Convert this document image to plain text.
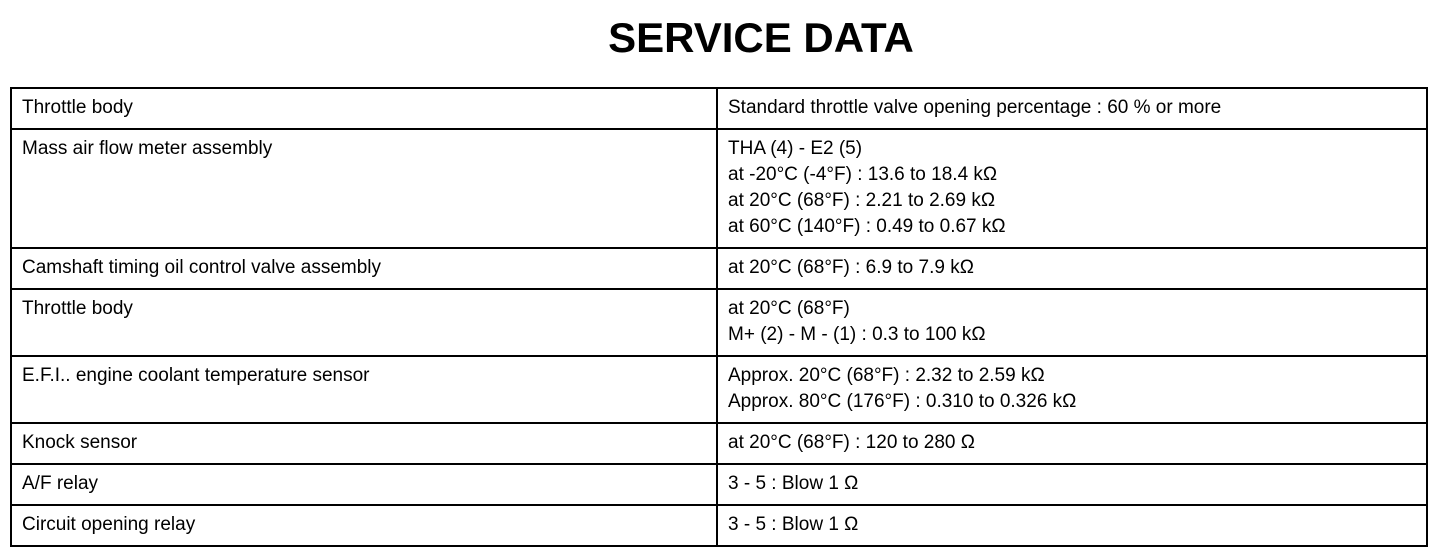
SERVICE DATA
Throttle body	Standard throttle valve opening percentage : 60 % or more

Mass air flow meter assembly	THA (4) - E2 (5)
at -20°C (-4°F) : 13.6 to 18.4 kΩ
at 20°C (68°F) : 2.21 to 2.69 kΩ
at 60°C (140°F) : 0.49 to 0.67 kΩ

Camshaft timing oil control valve assembly	at 20°C (68°F) : 6.9 to 7.9 kΩ

Throttle body	at 20°C (68°F)
M+ (2) - M - (1) : 0.3 to 100 kΩ

E.F.I.. engine coolant temperature sensor	Approx. 20°C (68°F) : 2.32 to 2.59 kΩ
Approx. 80°C (176°F) : 0.310 to 0.326 kΩ

Knock sensor	at 20°C (68°F) : 120 to 280 Ω

A/F relay	3 - 5 : Blow 1 Ω

Circuit opening relay	3 - 5 : Blow 1 Ω
